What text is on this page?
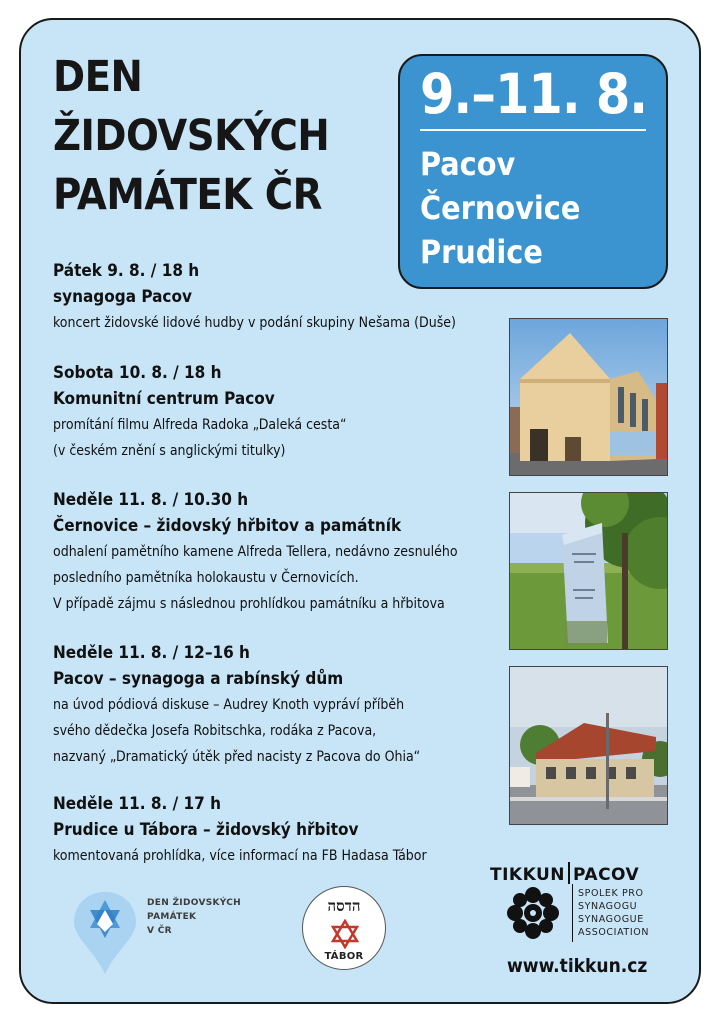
DEN
ŽIDOVSKÝCH
PAMÁTEK ČR
9.–11. 8.
Pacov
Černovice
Prudice
Pátek 9. 8. / 18 h
synagoga Pacov
koncert židovské lidové hudby v podání skupiny Nešama (Duše)
Sobota 10. 8. / 18 h
Komunitní centrum Pacov
promítání filmu Alfreda Radoka „Daleká cesta“
(v českém znění s anglickými titulky)
Neděle 11. 8. / 10.30 h
Černovice – židovský hřbitov a památník
odhalení pamětního kamene Alfreda Tellera, nedávno zesnulého
posledního pamětníka holokaustu v Černovicích.
V případě zájmu s následnou prohlídkou památníku a hřbitova
Neděle 11. 8. / 12–16 h
Pacov – synagoga a rabínský dům
na úvod pódiová diskuse – Audrey Knoth vypráví příběh
svého dědečka Josefa Robitschka, rodáka z Pacova,
nazvaný „Dramatický útěk před nacisty z Pacova do Ohia“
Neděle 11. 8. / 17 h
Prudice u Tábora – židovský hřbitov
komentovaná prohlídka, více informací na FB Hadasa Tábor
DEN ŽIDOVSKÝCH
PAMÁTEK
V ČR
הדסה
TÁBOR
TIKKUN PACOV
SPOLEK PRO
SYNAGOGU
SYNAGOGUE
ASSOCIATION
www.tikkun.cz
